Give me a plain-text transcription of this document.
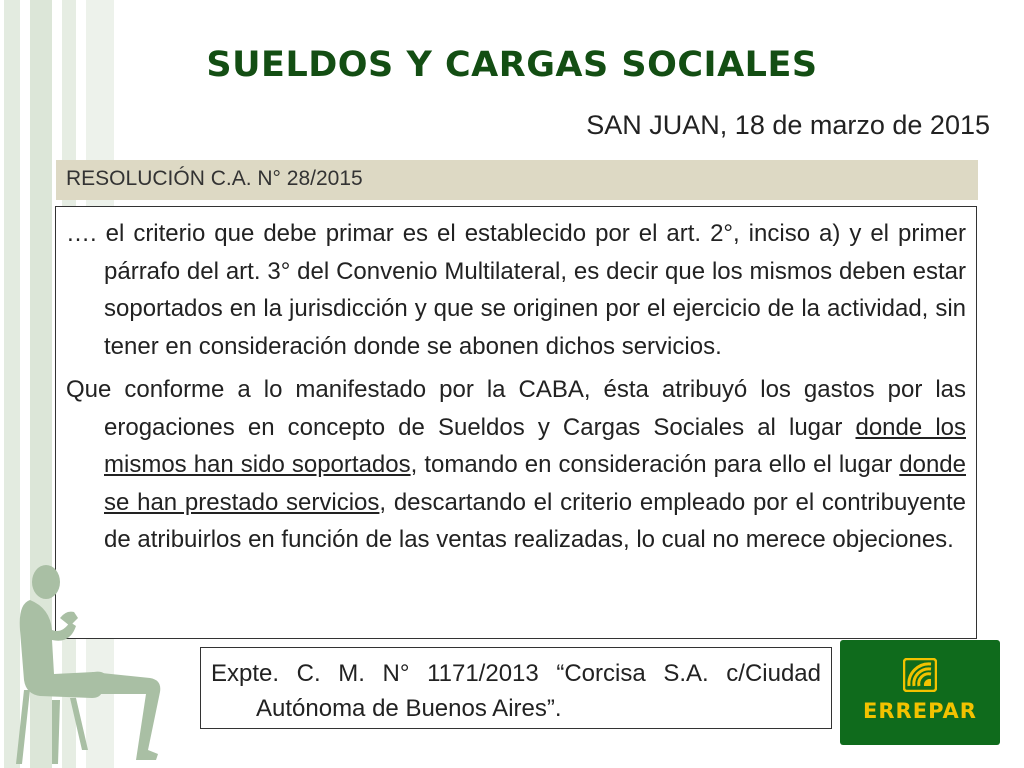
SUELDOS Y CARGAS SOCIALES
SAN JUAN, 18 de marzo de 2015
RESOLUCIÓN C.A. N° 28/2015

…. el criterio que debe primar es el establecido por el art. 2°, inciso a) y el primer párrafo del art. 3° del Convenio Multilateral, es decir que los mismos deben estar soportados en la jurisdicción y que se originen por el ejercicio de la actividad, sin tener en consideración donde se abonen dichos servicios.

Que conforme a lo manifestado por la CABA, ésta atribuyó los gastos por las erogaciones en concepto de Sueldos y Cargas Sociales al lugar donde los mismos han sido soportados, tomando en consideración para ello el lugar donde se han prestado servicios, descartando el criterio empleado por el contribuyente de atribuirlos en función de las ventas realizadas, lo cual no merece objeciones.

Expte. C. M. N° 1171/2013 “Corcisa S.A. c/Ciudad Autónoma de Buenos Aires”.	ERREPAR
